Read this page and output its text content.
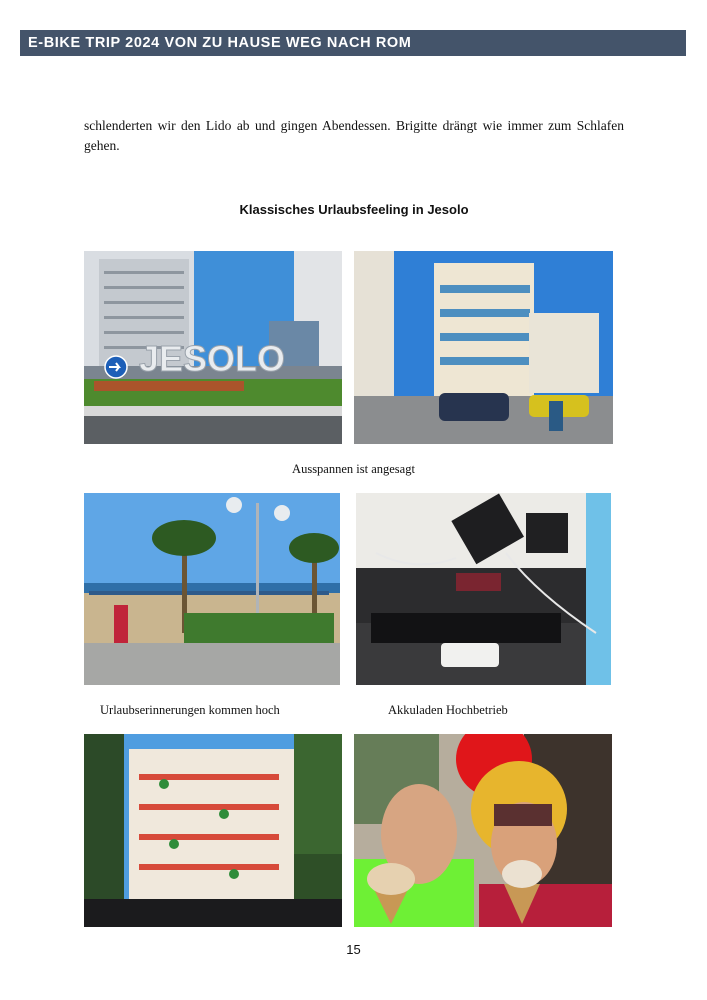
E-BIKE TRIP 2024 VON ZU HAUSE WEG NACH ROM
schlenderten wir den Lido ab und gingen Abendessen. Brigitte drängt wie immer zum Schlafen gehen.
Klassisches Urlaubsfeeling in Jesolo
JESOLO
Ausspannen ist angesagt
Urlaubserinnerungen kommen hoch	Akkuladen Hochbetrieb
15
